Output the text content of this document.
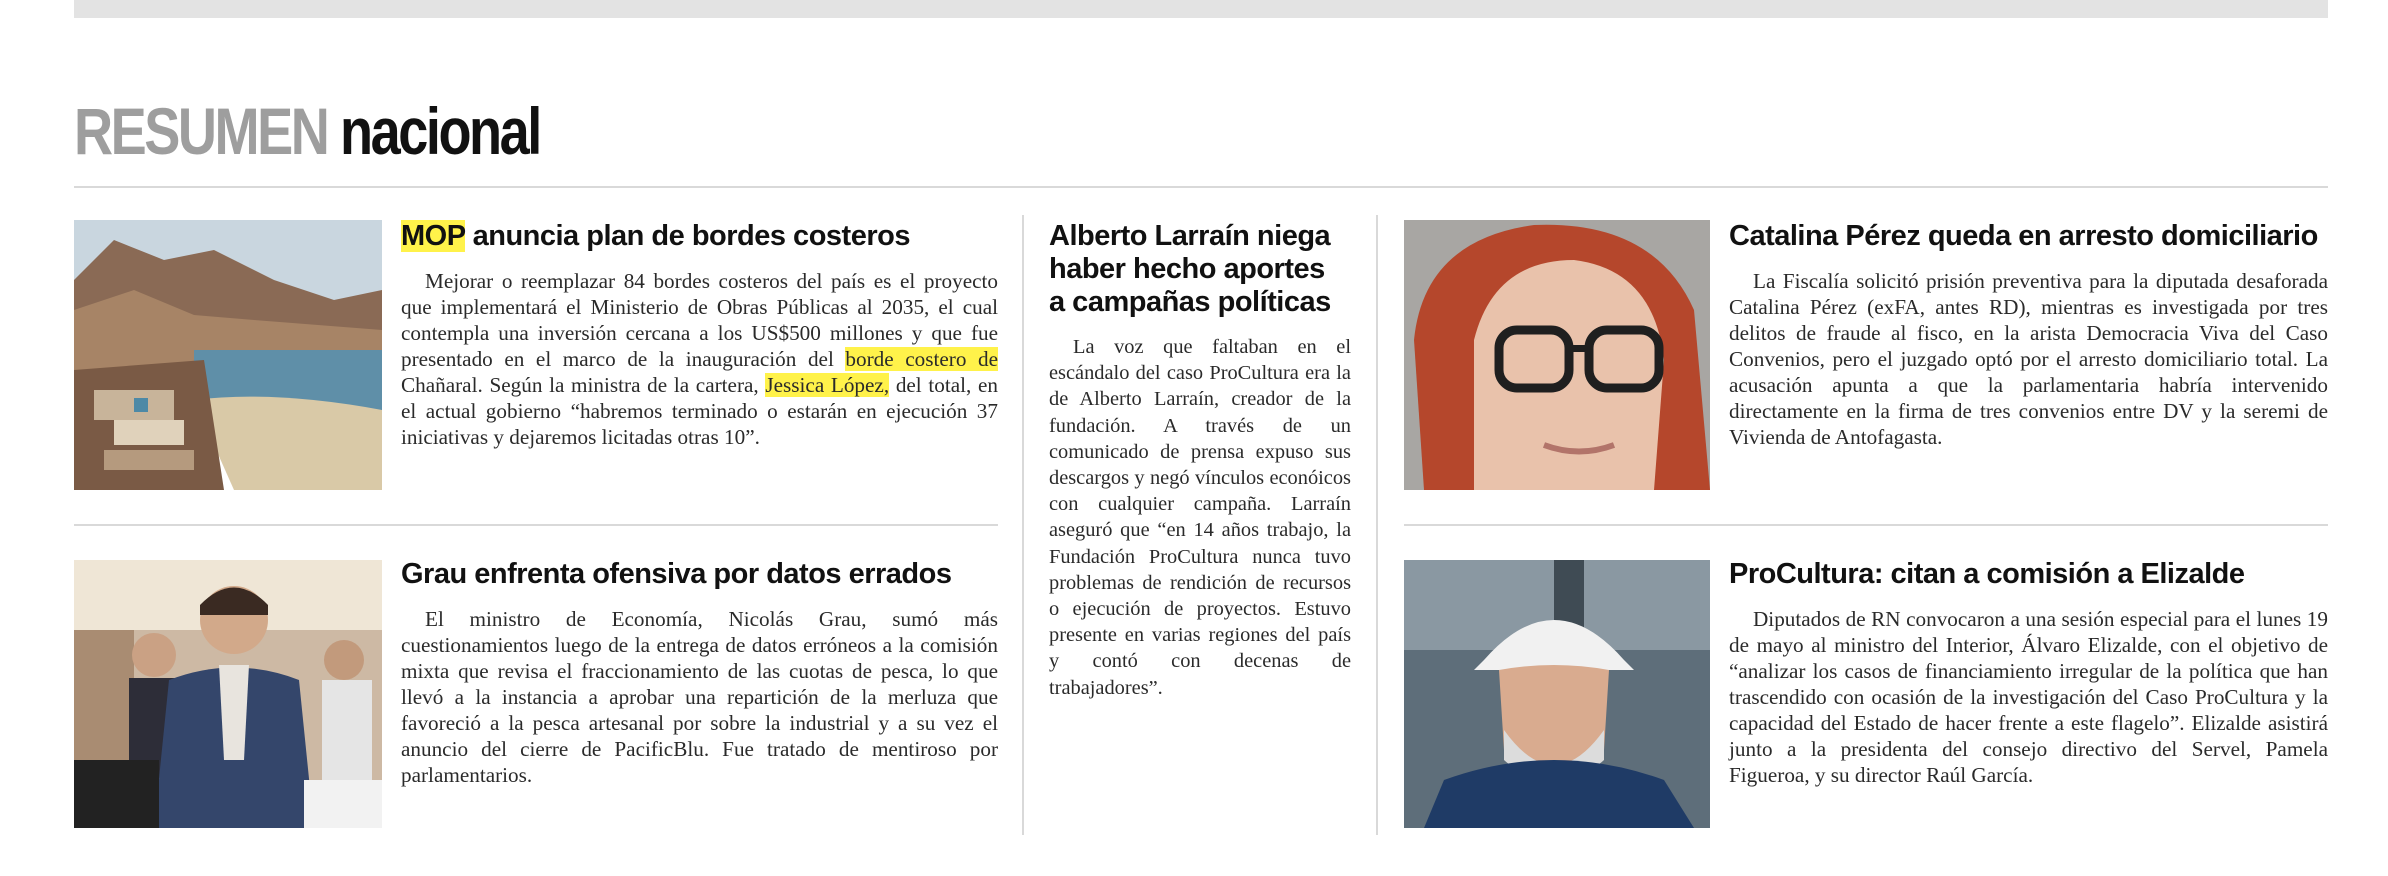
RESUMEN nacional
MOP anuncia plan de bordes costeros

Mejorar o reemplazar 84 bordes costeros del país es el proyecto que implementará el Ministerio de Obras Públicas al 2035, el cual contempla una inversión cercana a los US$500 millones y que fue presentado en el marco de la inauguración del borde costero de Chañaral. Según la ministra de la cartera, Jessica López, del total, en el actual gobierno “habremos terminado o estarán en ejecución 37 iniciativas y dejaremos licitadas otras 10”.

Grau enfrenta ofensiva por datos errados

El ministro de Economía, Nicolás Grau, sumó más cuestionamientos luego de la entrega de datos erróneos a la comisión mixta que revisa el fraccionamiento de las cuotas de pesca, lo que llevó a la instancia a aprobar una repartición de la merluza que favoreció a la pesca artesanal por sobre la industrial y a su vez el anuncio del cierre de PacificBlu. Fue tratado de mentiroso por parlamentarios.

Alberto Larraín niega
haber hecho aportes
a campañas políticas

La voz que faltaban en el escándalo del caso ProCultura era la de Alberto Larraín, creador de la fundación. A través de un comunicado de prensa expuso sus descargos y negó vínculos econóicos con cualquier campaña. Larraín aseguró que “en 14 años trabajo, la Fundación ProCultura nunca tuvo problemas de rendición de recursos o ejecución de proyectos. Estuvo presente en varias regiones del país y contó con decenas de trabajadores”.

Catalina Pérez queda en arresto domiciliario

La Fiscalía solicitó prisión preventiva para la diputada desaforada Catalina Pérez (exFA, antes RD), mientras es investigada por tres delitos de fraude al fisco, en la arista Democracia Viva del Caso Convenios, pero el juzgado optó por el arresto domiciliario total. La acusación apunta a que la parlamentaria habría intervenido directamente en la firma de tres convenios entre DV y la seremi de Vivienda de Antofagasta.

ProCultura: citan a comisión a Elizalde

Diputados de RN convocaron a una sesión especial para el lunes 19 de mayo al ministro del Interior, Álvaro Elizalde, con el objetivo de “analizar los casos de financiamiento irregular de la política que han trascendido con ocasión de la investigación del Caso ProCultura y la capacidad del Estado de hacer frente a este flagelo”. Elizalde asistirá junto a la presidenta del consejo directivo del Servel, Pamela Figueroa, y su director Raúl García.
